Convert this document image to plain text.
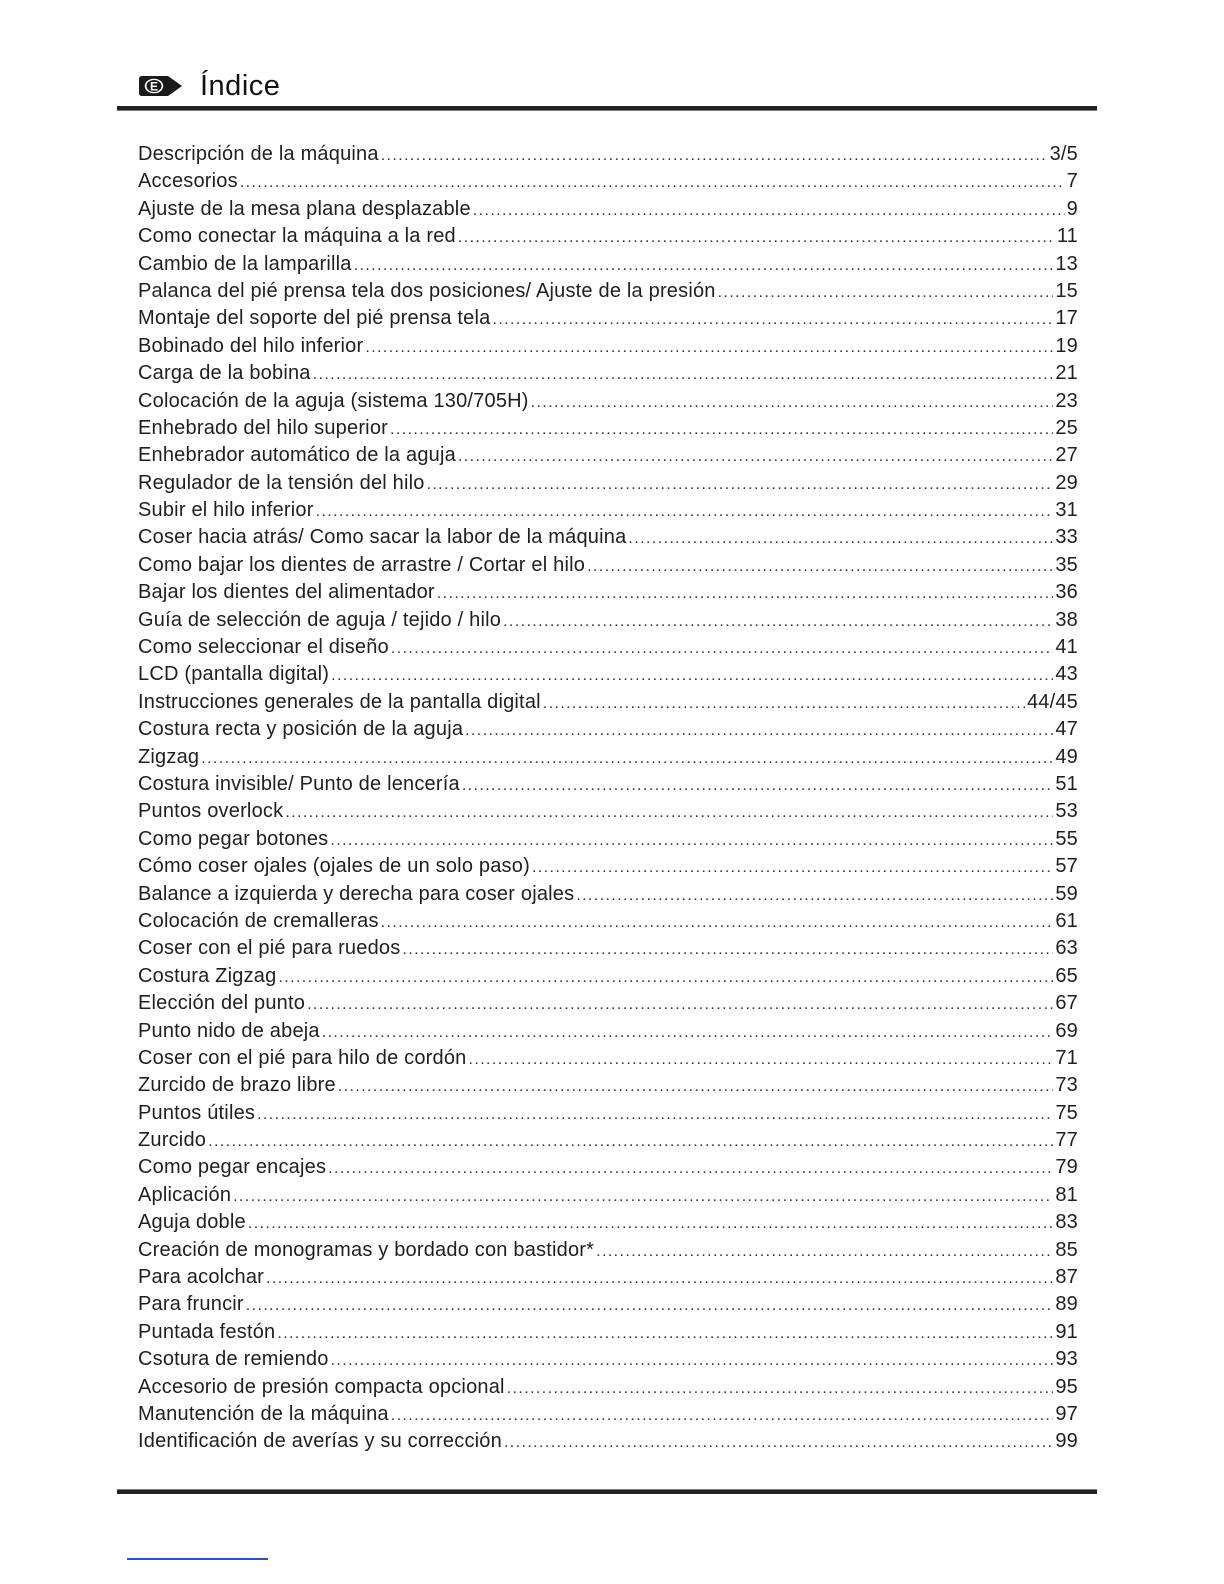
E Índice
Descripción de la máquina .....	3/5
Accesorios .....	7
Ajuste de la mesa plana desplazable .....	9
Como conectar la máquina a la red .....	11
Cambio de la lamparilla .....	13
Palanca del pié prensa tela dos posiciones/ Ajuste de la presión .....	15
Montaje del soporte del pié prensa tela .....	17
Bobinado del hilo inferior .....	19
Carga de la bobina .....	21
Colocación de la aguja (sistema 130/705H) .....	23
Enhebrado del hilo superior .....	25
Enhebrador automático de la aguja .....	27
Regulador de la tensión del hilo .....	29
Subir el hilo inferior .....	31
Coser hacia atrás/ Como sacar la labor de la máquina .....	33
Como bajar los dientes de arrastre / Cortar el hilo .....	35
Bajar los dientes del alimentador .....	36
Guía de selección de aguja / tejido / hilo .....	38
Como seleccionar el diseño .....	41
LCD (pantalla digital) .....	43
Instrucciones generales de la pantalla digital .....	44/45
Costura recta y posición de la aguja .....	47
Zigzag .....	49
Costura invisible/ Punto de lencería .....	51
Puntos overlock .....	53
Como pegar botones .....	55
Cómo coser ojales (ojales de un solo paso) .....	57
Balance a izquierda y derecha para coser ojales .....	59
Colocación de cremalleras .....	61
Coser con el pié para ruedos .....	63
Costura Zigzag .....	65
Elección del punto .....	67
Punto nido de abeja .....	69
Coser con el pié para hilo de cordón .....	71
Zurcido de brazo libre .....	73
Puntos útiles .....	75
Zurcido .....	77
Como pegar encajes .....	79
Aplicación .....	81
Aguja doble .....	83
Creación de monogramas y bordado con bastidor* .....	85
Para acolchar .....	87
Para fruncir .....	89
Puntada festón .....	91
Csotura de remiendo .....	93
Accesorio de presión compacta opcional .....	95
Manutención de la máquina .....	97
Identificación de averías y su corrección .....	99
